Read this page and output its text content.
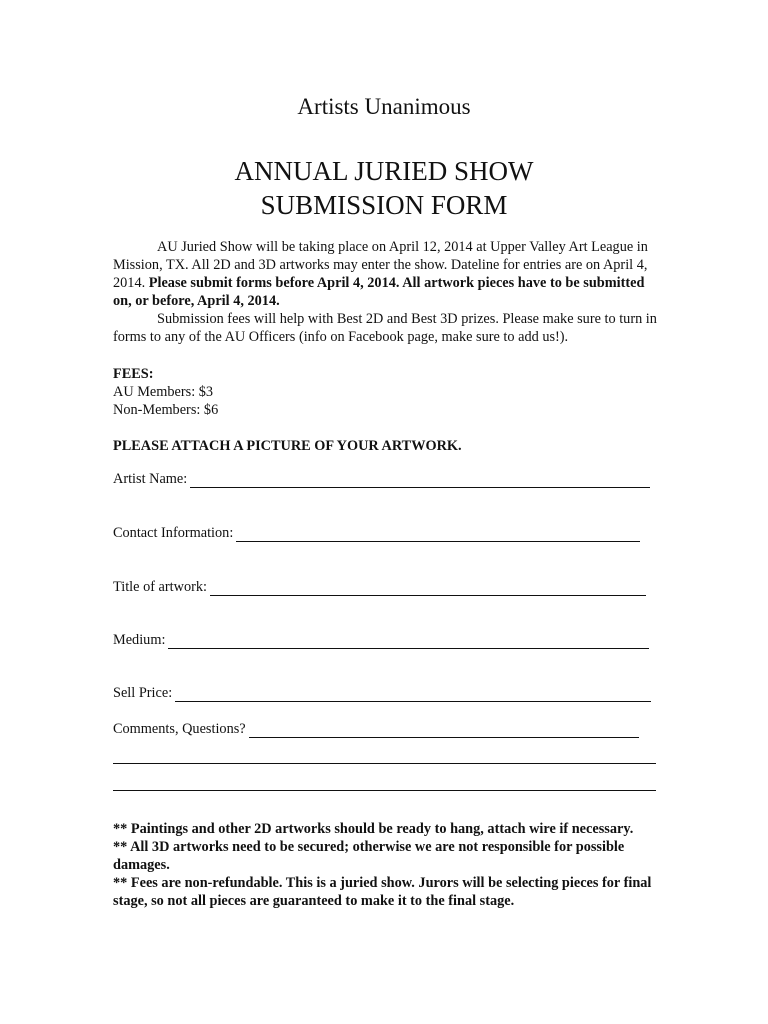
Artists Unanimous
ANNUAL JURIED SHOW
SUBMISSION FORM

AU Juried Show will be taking place on April 12, 2014 at Upper Valley Art League in Mission, TX. All 2D and 3D artworks may enter the show. Dateline for entries are on April 4, 2014. Please submit forms before April 4, 2014. All artwork pieces have to be submitted on, or before, April 4, 2014.

Submission fees will help with Best 2D and Best 3D prizes. Please make sure to turn in forms to any of the AU Officers (info on Facebook page, make sure to add us!).

FEES:
AU Members: $3
Non-Members: $6
PLEASE ATTACH A PICTURE OF YOUR ARTWORK.
Artist Name:
Contact Information:
Title of artwork:
Medium:
Sell Price:
Comments, Questions?
** Paintings and other 2D artworks should be ready to hang, attach wire if necessary.
** All 3D artworks need to be secured; otherwise we are not responsible for possible damages.
** Fees are non-refundable. This is a juried show. Jurors will be selecting pieces for final stage, so not all pieces are guaranteed to make it to the final stage.
